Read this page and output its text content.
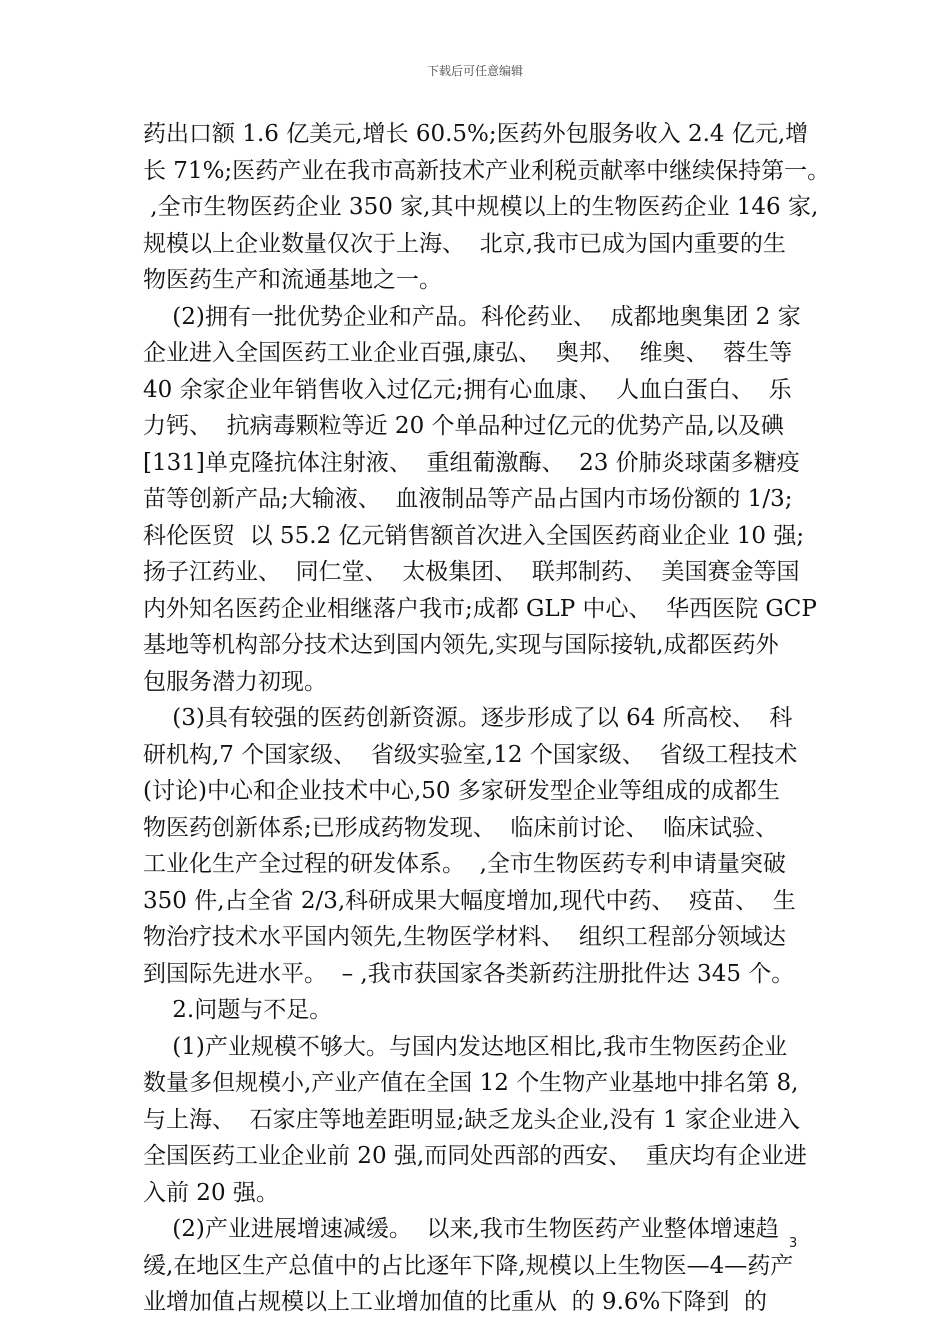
下载后可任意编辑
药出口额 1.6 亿美元,增长 60.5%;医药外包服务收入 2.4 亿元,增
长 71%;医药产业在我市高新技术产业利税贡献率中继续保持第一。
,全市生物医药企业 350 家,其中规模以上的生物医药企业 146 家,
规模以上企业数量仅次于上海、  北京,我市已成为国内重要的生
物医药生产和流通基地之一。
(2)拥有一批优势企业和产品。科伦药业、  成都地奥集团 2 家
企业进入全国医药工业企业百强,康弘、  奥邦、  维奥、  蓉生等
40 余家企业年销售收入过亿元;拥有心血康、  人血白蛋白、  乐
力钙、  抗病毒颗粒等近 20 个单品种过亿元的优势产品,以及碘
[131]单克隆抗体注射液、  重组葡激酶、  23 价肺炎球菌多糖疫
苗等创新产品;大输液、  血液制品等产品占国内市场份额的 1/3;
科伦医贸  以 55.2 亿元销售额首次进入全国医药商业企业 10 强;
扬子江药业、  同仁堂、  太极集团、  联邦制药、  美国赛金等国
内外知名医药企业相继落户我市;成都 GLP 中心、  华西医院 GCP
基地等机构部分技术达到国内领先,实现与国际接轨,成都医药外
包服务潜力初现。
(3)具有较强的医药创新资源。逐步形成了以 64 所高校、  科
研机构,7 个国家级、  省级实验室,12 个国家级、  省级工程技术
(讨论)中心和企业技术中心,50 多家研发型企业等组成的成都生
物医药创新体系;已形成药物发现、  临床前讨论、  临床试验、
工业化生产全过程的研发体系。  ,全市生物医药专利申请量突破
350 件,占全省 2/3,科研成果大幅度增加,现代中药、  疫苗、  生
物治疗技术水平国内领先,生物医学材料、  组织工程部分领域达
到国际先进水平。  – ,我市获国家各类新药注册批件达 345 个。
2.问题与不足。
(1)产业规模不够大。与国内发达地区相比,我市生物医药企业
数量多但规模小,产业产值在全国 12 个生物产业基地中排名第 8,
与上海、  石家庄等地差距明显;缺乏龙头企业,没有 1 家企业进入
全国医药工业企业前 20 强,而同处西部的西安、  重庆均有企业进
入前 20 强。
(2)产业进展增速减缓。  以来,我市生物医药产业整体增速趋
缓,在地区生产总值中的占比逐年下降,规模以上生物医—4—药产
业增加值占规模以上工业增加值的比重从  的 9.6%下降到  的
3
